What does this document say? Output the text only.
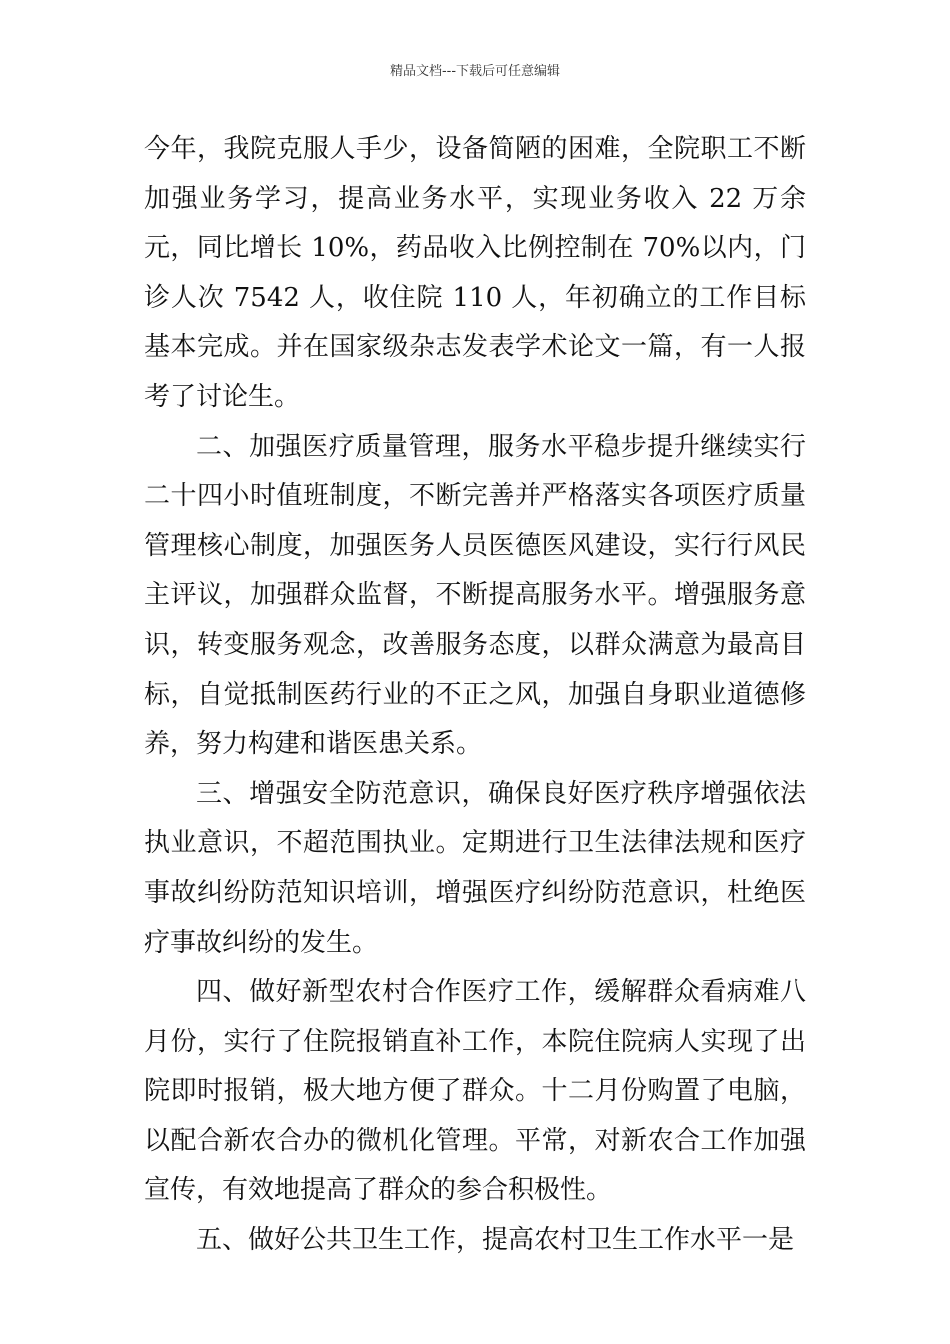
精品文档---下载后可任意编辑

今年，我院克服人手少，设备简陋的困难，全院职工不断加强业务学习，提高业务水平，实现业务收入 22 万余元，同比增长 10%，药品收入比例控制在 70%以内，门诊人次 7542 人，收住院 110 人，年初确立的工作目标基本完成。并在国家级杂志发表学术论文一篇，有一人报考了讨论生。

二、加强医疗质量管理，服务水平稳步提升继续实行二十四小时值班制度，不断完善并严格落实各项医疗质量管理核心制度，加强医务人员医德医风建设，实行行风民主评议，加强群众监督，不断提高服务水平。增强服务意识，转变服务观念，改善服务态度，以群众满意为最高目标，自觉抵制医药行业的不正之风，加强自身职业道德修养，努力构建和谐医患关系。

三、增强安全防范意识，确保良好医疗秩序增强依法执业意识，不超范围执业。定期进行卫生法律法规和医疗事故纠纷防范知识培训，增强医疗纠纷防范意识，杜绝医疗事故纠纷的发生。

四、做好新型农村合作医疗工作，缓解群众看病难八月份，实行了住院报销直补工作，本院住院病人实现了出院即时报销，极大地方便了群众。十二月份购置了电脑，以配合新农合办的微机化管理。平常，对新农合工作加强宣传，有效地提高了群众的参合积极性。

五、做好公共卫生工作，提高农村卫生工作水平一是
